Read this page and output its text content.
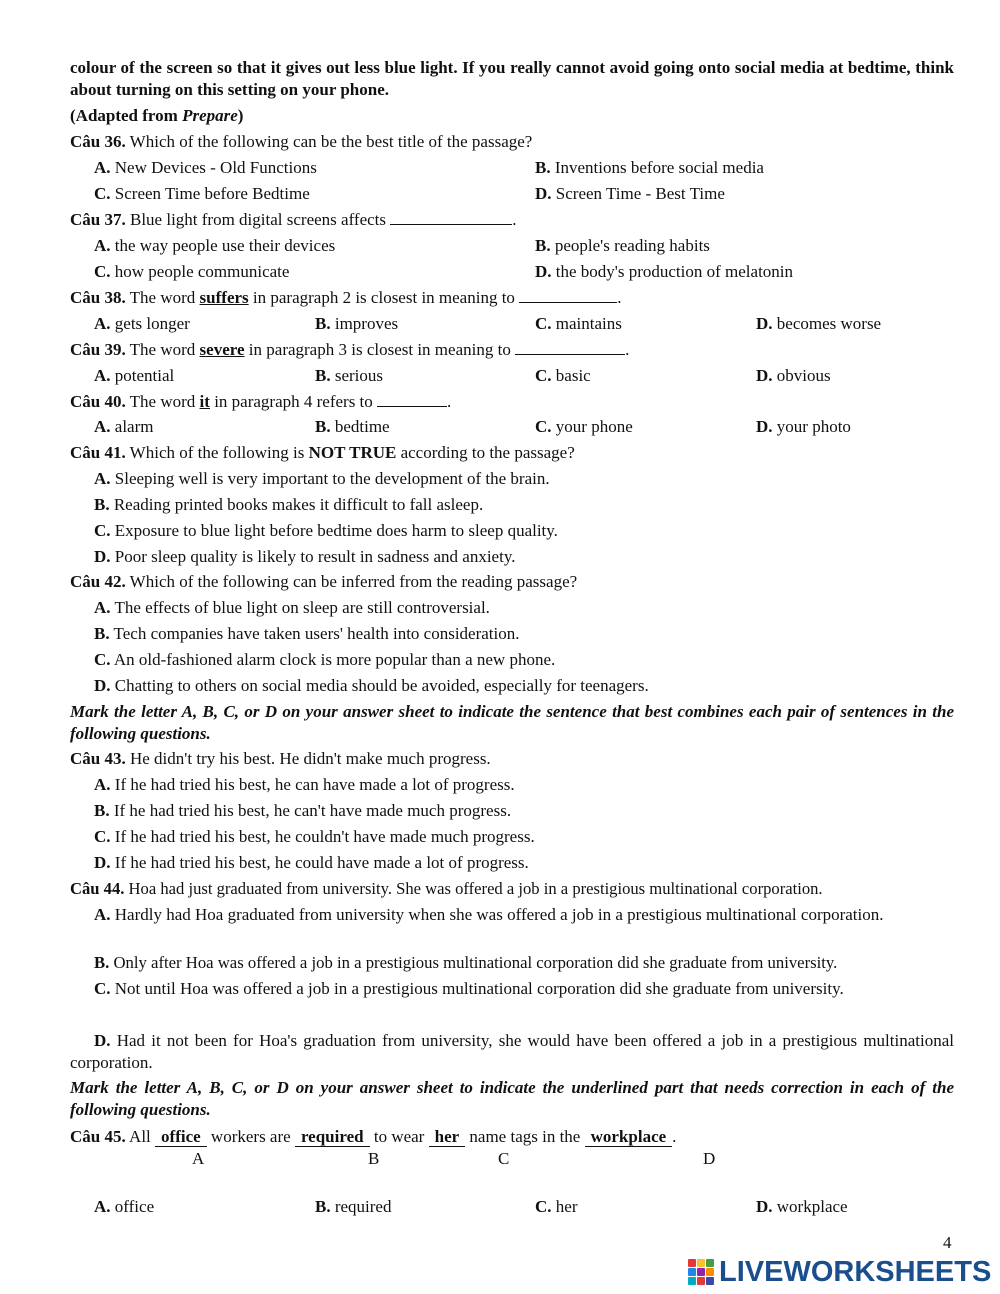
colour of the screen so that it gives out less blue light. If you really cannot avoid going onto social media at bedtime, think about turning on this setting on your phone.
(Adapted from Prepare)
Câu 36. Which of the following can be the best title of the passage?
A. New Devices - Old Functions	B. Inventions before social media
C. Screen Time before Bedtime	D. Screen Time - Best Time
Câu 37. Blue light from digital screens affects	.
A. the way people use their devices	B. people's reading habits
C. how people communicate	D. the body's production of melatonin
Câu 38. The word suffers in paragraph 2 is closest in meaning to	.
A. gets longer	B. improves	C. maintains	D. becomes worse
Câu 39. The word severe in paragraph 3 is closest in meaning to	.
A. potential	B. serious	C. basic	D. obvious
Câu 40. The word it in paragraph 4 refers to	.
A. alarm	B. bedtime	C. your phone	D. your photo
Câu 41. Which of the following is NOT TRUE according to the passage?
A. Sleeping well is very important to the development of the brain.
B. Reading printed books makes it difficult to fall asleep.
C. Exposure to blue light before bedtime does harm to sleep quality.
D. Poor sleep quality is likely to result in sadness and anxiety.
Câu 42. Which of the following can be inferred from the reading passage?
A. The effects of blue light on sleep are still controversial.
B. Tech companies have taken users' health into consideration.
C. An old-fashioned alarm clock is more popular than a new phone.
D. Chatting to others on social media should be avoided, especially for teenagers.
Mark the letter A, B, C, or D on your answer sheet to indicate the sentence that best combines each pair of sentences in the following questions.
Câu 43. He didn't try his best. He didn't make much progress.
A. If he had tried his best, he can have made a lot of progress.
B. If he had tried his best, he can't have made much progress.
C. If he had tried his best, he couldn't have made much progress.
D. If he had tried his best, he could have made a lot of progress.
Câu 44. Hoa had just graduated from university. She was offered a job in a prestigious multinational corporation.
A. Hardly had Hoa graduated from university when she was offered a job in a prestigious multinational corporation.
B. Only after Hoa was offered a job in a prestigious multinational corporation did she graduate from university.
C. Not until Hoa was offered a job in a prestigious multinational corporation did she graduate from university.
D. Had it not been for Hoa's graduation from university, she would have been offered a job in a prestigious multinational corporation.
Mark the letter A, B, C, or D on your answer sheet to indicate the underlined part that needs correction in each of the following questions.
Câu 45. All office workers are required to wear her name tags in the workplace .
A	B	C	D
A. office	B. required	C. her	D. workplace
4
LIVEWORKSHEETS
